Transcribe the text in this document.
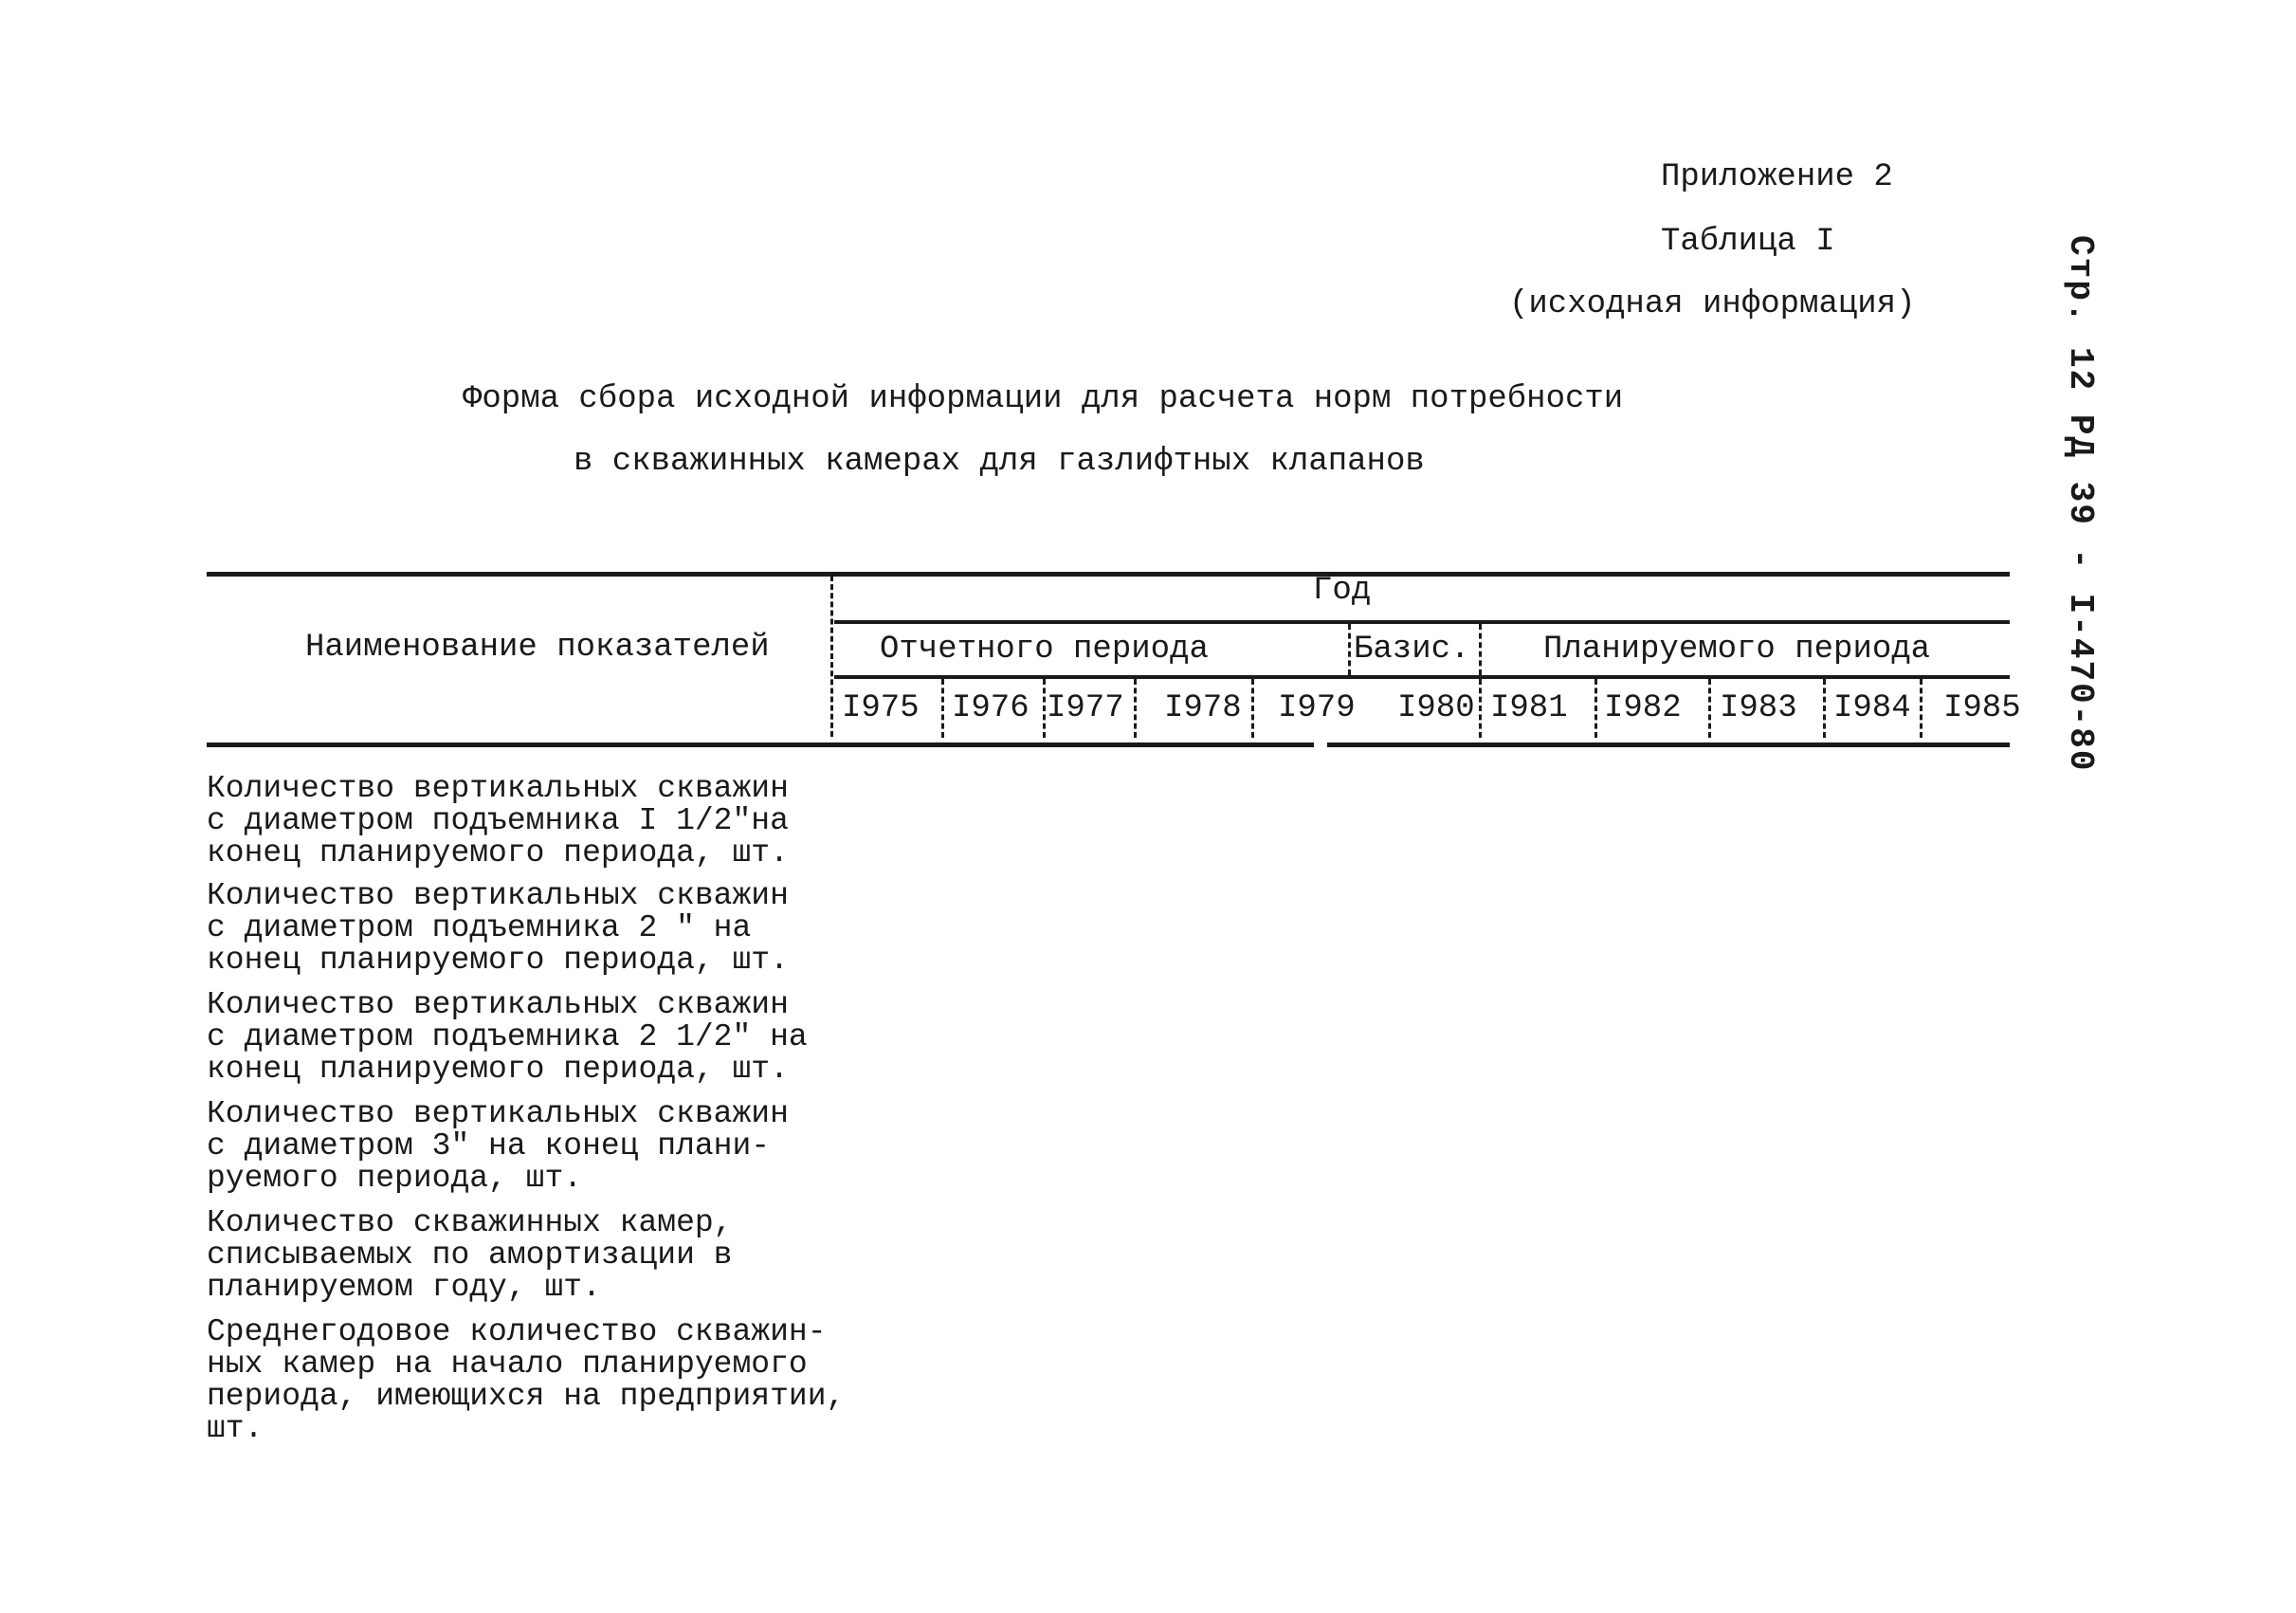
Приложение 2
Таблица I
(исходная информация)	Стр. 12 РД 39 - I-470-80
Форма сбора исходной информации для расчета норм потребности
в скважинных камерах для газлифтных клапанов
Наименование показателей
Год
Отчетного периода	Базис. Планируемого периода
I975 I976 I977 I978 I979 I980 I981 I982 I983 I984 I985
Количество вертикальных скважин
с диаметром подъемника I 1/2"на
конец планируемого периода, шт.
Количество вертикальных скважин
с диаметром подъемника 2 " на
конец планируемого периода, шт.
Количество вертикальных скважин
с диаметром подъемника 2 1/2" на
конец планируемого периода, шт.
Количество вертикальных скважин
с диаметром 3" на конец плани-
руемого периода, шт.
Количество скважинных камер,
списываемых по амортизации в
планируемом году, шт.
Среднегодовое количество скважин-
ных камер на начало планируемого
периода, имеющихся на предприятии,
шт.
